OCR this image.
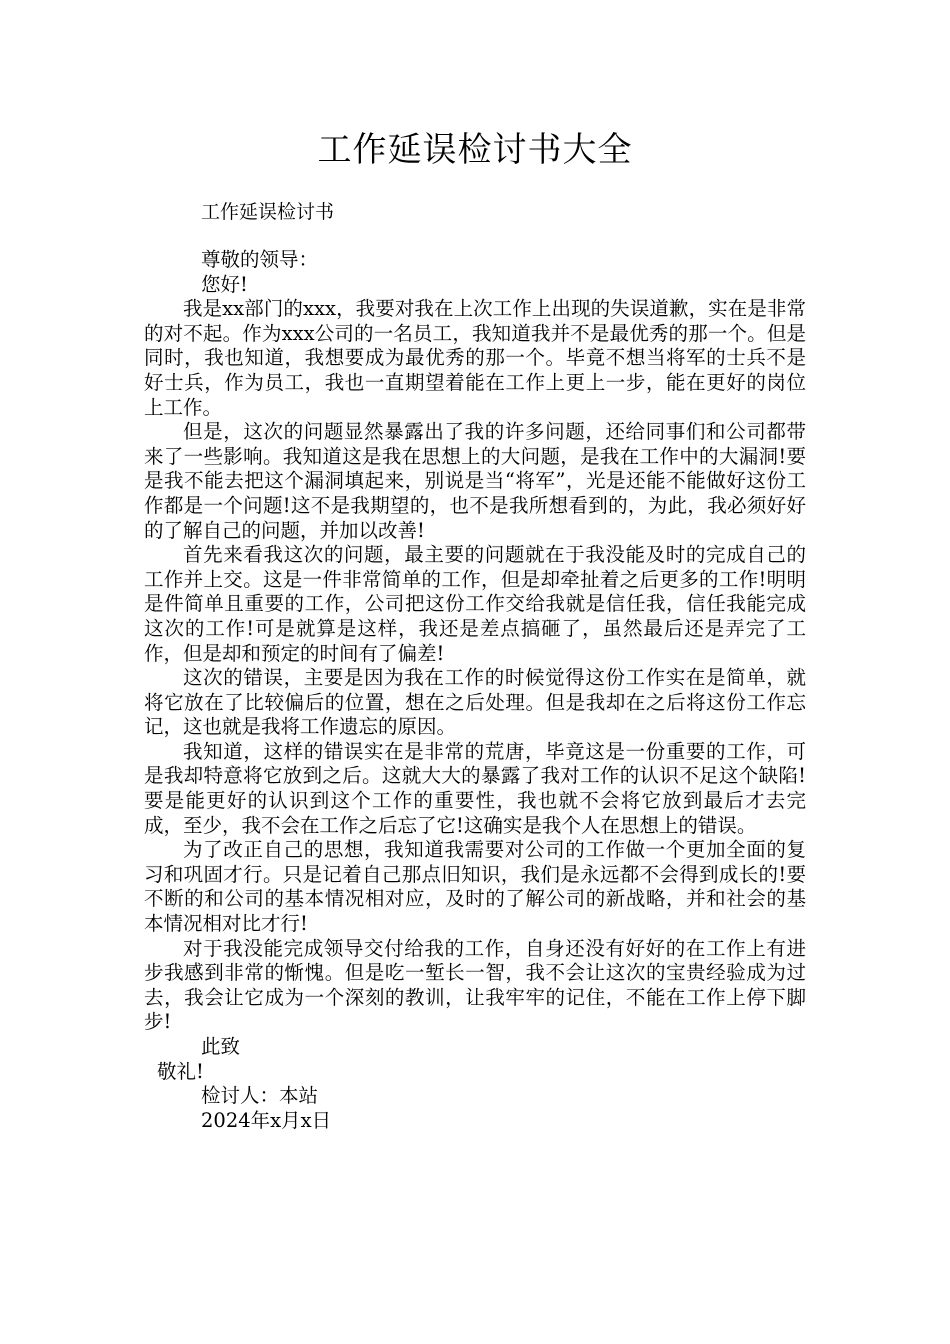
工作延误检讨书大全
工作延误检讨书
尊敬的领导：
您好!

我是xx部门的xxx，我要对我在上次工作上出现的失误道歉，实在是非常的对不起。作为xxx公司的一名员工，我知道我并不是最优秀的那一个。但是同时，我也知道，我想要成为最优秀的那一个。毕竟不想当将军的士兵不是好士兵，作为员工，我也一直期望着能在工作上更上一步，能在更好的岗位上工作。

但是，这次的问题显然暴露出了我的许多问题，还给同事们和公司都带来了一些影响。我知道这是我在思想上的大问题，是我在工作中的大漏洞!要是我不能去把这个漏洞填起来，别说是当“将军”，光是还能不能做好这份工作都是一个问题!这不是我期望的，也不是我所想看到的，为此，我必须好好的了解自己的问题，并加以改善!

首先来看我这次的问题，最主要的问题就在于我没能及时的完成自己的工作并上交。这是一件非常简单的工作，但是却牵扯着之后更多的工作!明明是件简单且重要的工作，公司把这份工作交给我就是信任我，信任我能完成这次的工作!可是就算是这样，我还是差点搞砸了，虽然最后还是弄完了工作，但是却和预定的时间有了偏差!

这次的错误，主要是因为我在工作的时候觉得这份工作实在是简单，就将它放在了比较偏后的位置，想在之后处理。但是我却在之后将这份工作忘记，这也就是我将工作遗忘的原因。

我知道，这样的错误实在是非常的荒唐，毕竟这是一份重要的工作，可是我却特意将它放到之后。这就大大的暴露了我对工作的认识不足这个缺陷!要是能更好的认识到这个工作的重要性，我也就不会将它放到最后才去完成，至少，我不会在工作之后忘了它!这确实是我个人在思想上的错误。

为了改正自己的思想，我知道我需要对公司的工作做一个更加全面的复习和巩固才行。只是记着自己那点旧知识，我们是永远都不会得到成长的!要不断的和公司的基本情况相对应，及时的了解公司的新战略，并和社会的基本情况相对比才行!

对于我没能完成领导交付给我的工作，自身还没有好好的在工作上有进步我感到非常的惭愧。但是吃一堑长一智，我不会让这次的宝贵经验成为过去，我会让它成为一个深刻的教训，让我牢牢的记住，不能在工作上停下脚步!

此致
敬礼!
检讨人：本站
2024年x月x日
